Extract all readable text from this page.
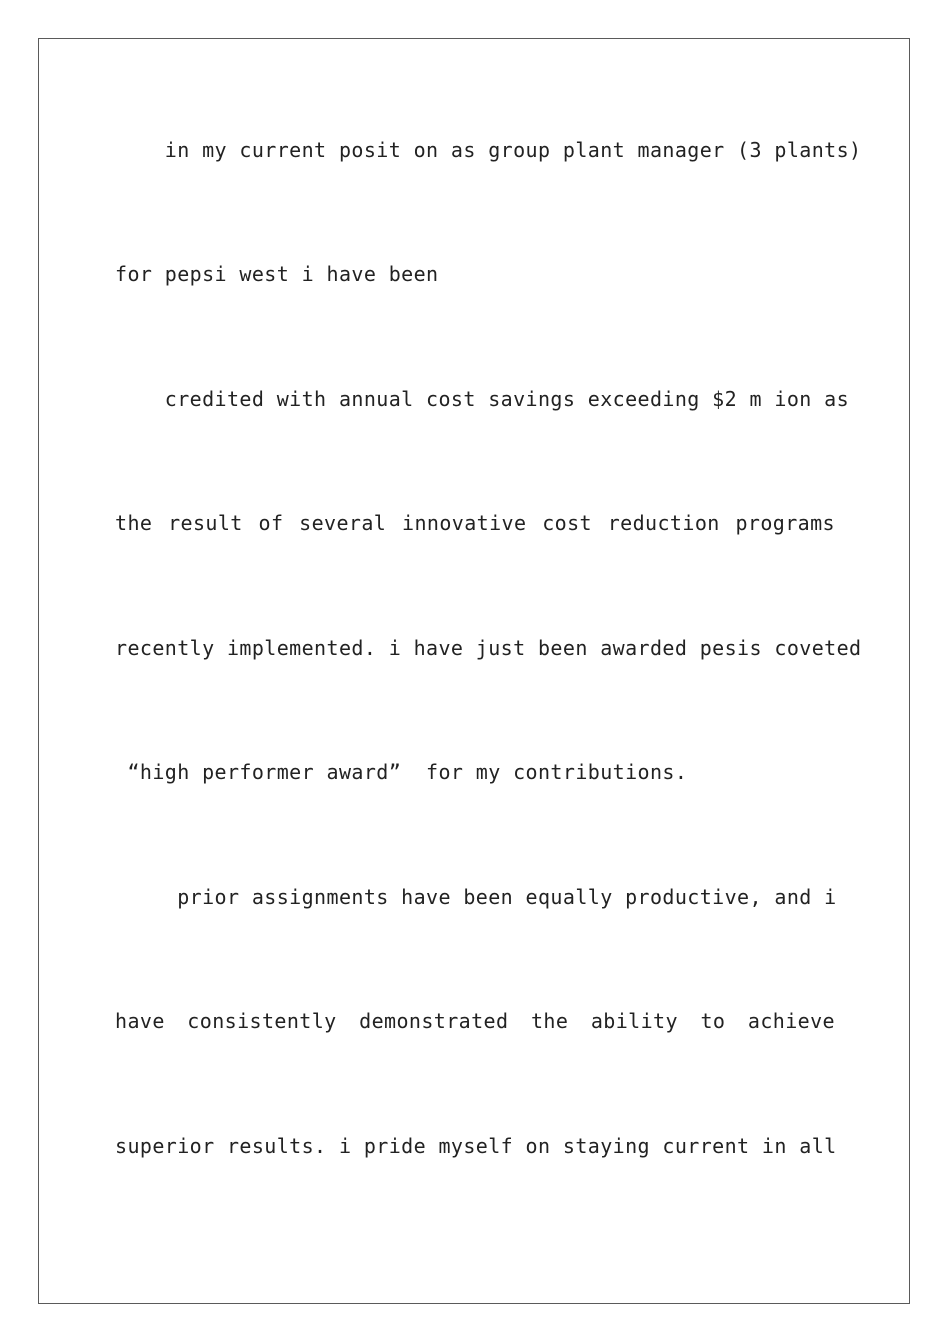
in my current posit on as group plant manager (3 plants)
for pepsi west i have been
credited with annual cost savings exceeding $2 m ion as
the result of several innovative cost reduction programs
recently implemented. i have just been awarded pesis coveted
“high performer award”  for my contributions.
prior assignments have been equally productive, and i
have consistently demonstrated the ability to achieve
superior results. i pride myself on staying current in all
